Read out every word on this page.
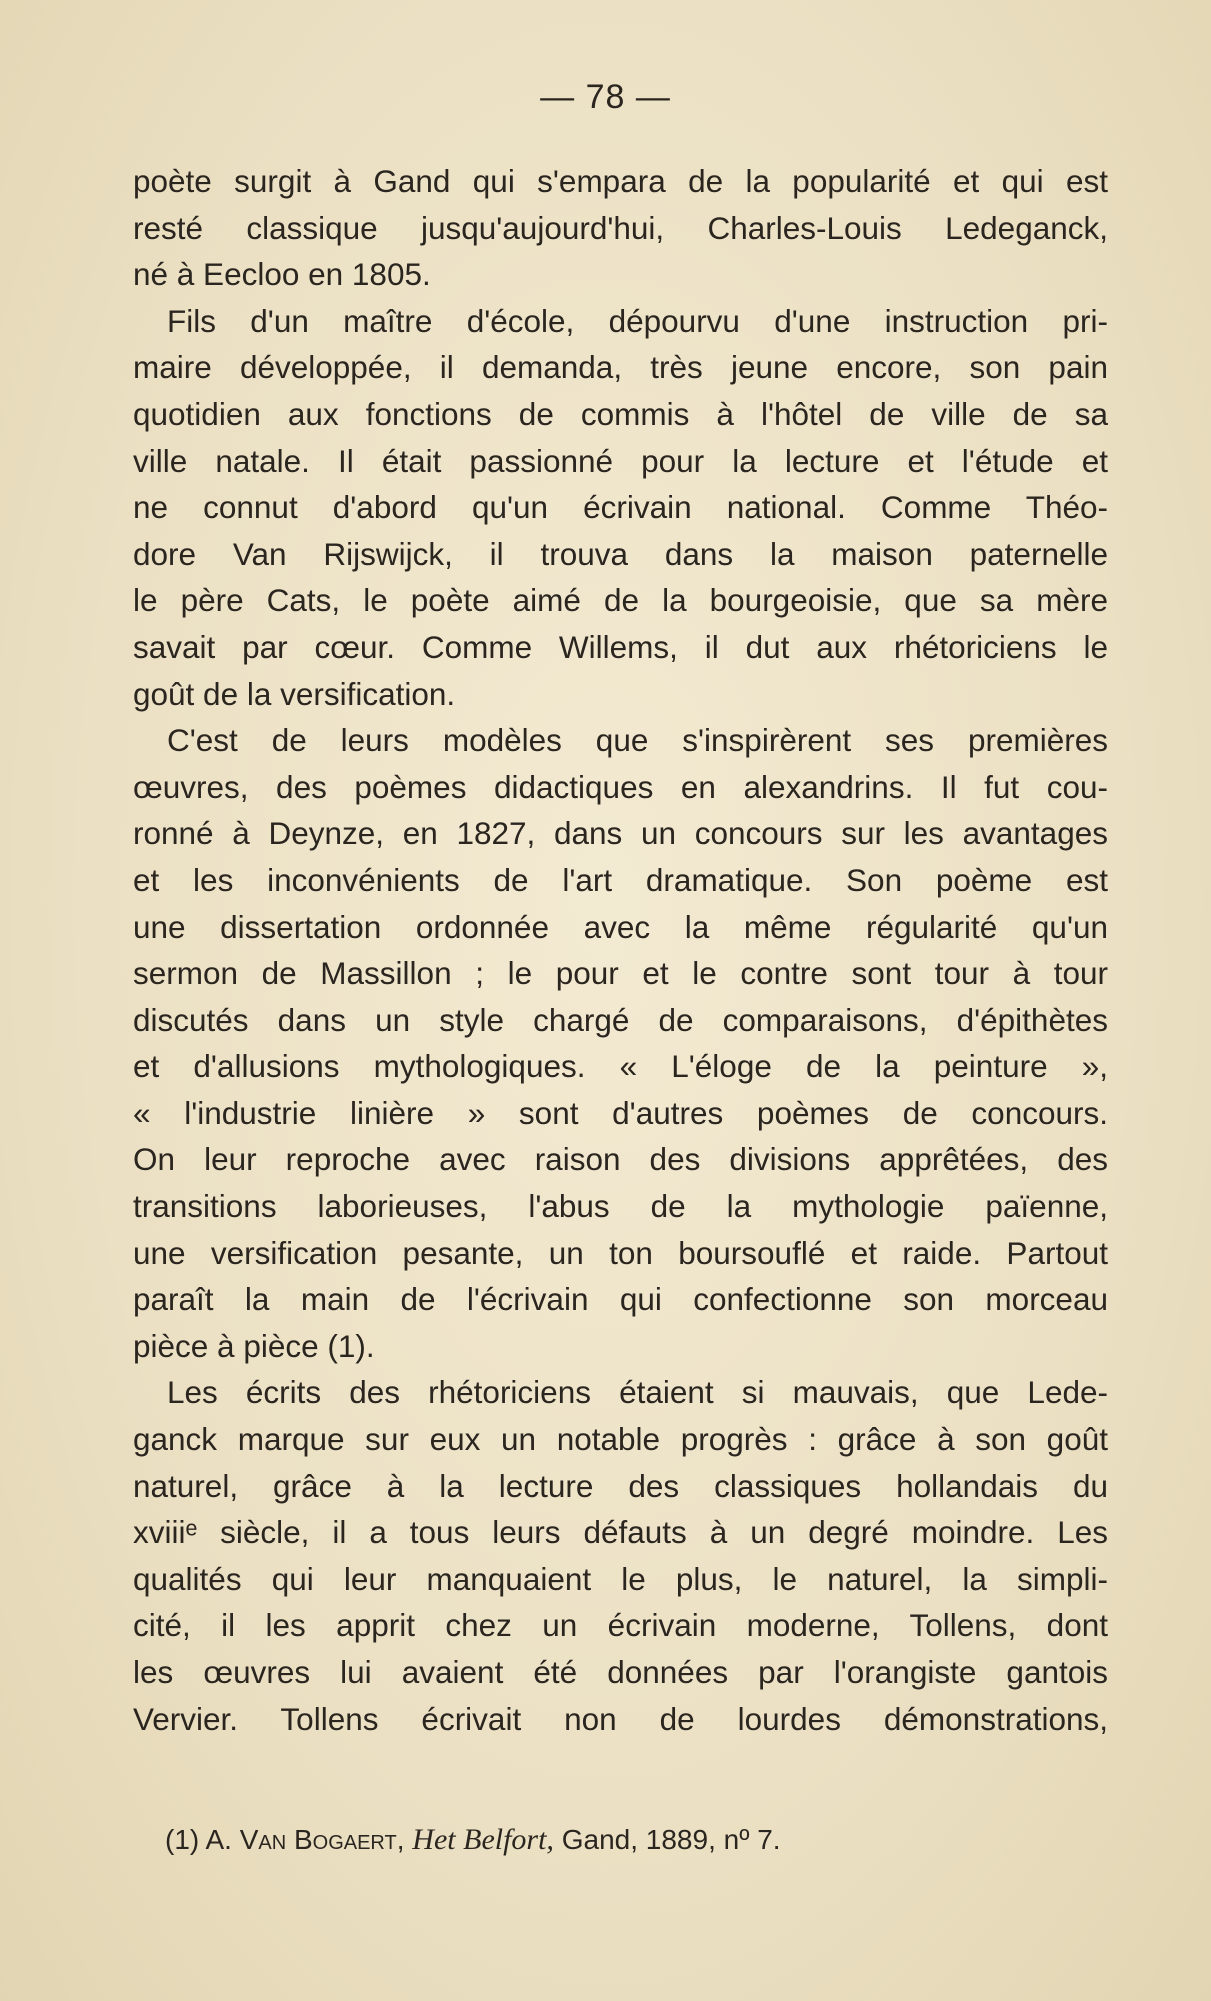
— 78 —
poète surgit à Gand qui s'empara de la popularité et qui est
resté classique jusqu'aujourd'hui, Charles-Louis Ledeganck,
né à Eecloo en 1805.
Fils d'un maître d'école, dépourvu d'une instruction pri-
maire développée, il demanda, très jeune encore, son pain
quotidien aux fonctions de commis à l'hôtel de ville de sa
ville natale. Il était passionné pour la lecture et l'étude et
ne connut d'abord qu'un écrivain national. Comme Théo-
dore Van Rijswijck, il trouva dans la maison paternelle
le père Cats, le poète aimé de la bourgeoisie, que sa mère
savait par cœur. Comme Willems, il dut aux rhétoriciens le
goût de la versification.
C'est de leurs modèles que s'inspirèrent ses premières
œuvres, des poèmes didactiques en alexandrins. Il fut cou-
ronné à Deynze, en 1827, dans un concours sur les avantages
et les inconvénients de l'art dramatique. Son poème est
une dissertation ordonnée avec la même régularité qu'un
sermon de Massillon ; le pour et le contre sont tour à tour
discutés dans un style chargé de comparaisons, d'épithètes
et d'allusions mythologiques. « L'éloge de la peinture »,
« l'industrie linière » sont d'autres poèmes de concours.
On leur reproche avec raison des divisions apprêtées, des
transitions laborieuses, l'abus de la mythologie païenne,
une versification pesante, un ton boursouflé et raide. Partout
paraît la main de l'écrivain qui confectionne son morceau
pièce à pièce (1).
Les écrits des rhétoriciens étaient si mauvais, que Lede-
ganck marque sur eux un notable progrès : grâce à son goût
naturel, grâce à la lecture des classiques hollandais du
xviiiᵉ siècle, il a tous leurs défauts à un degré moindre. Les
qualités qui leur manquaient le plus, le naturel, la simpli-
cité, il les apprit chez un écrivain moderne, Tollens, dont
les œuvres lui avaient été données par l'orangiste gantois
Vervier. Tollens écrivait non de lourdes démonstrations,
(1) A. Van Bogaert, Het Belfort, Gand, 1889, nº 7.
